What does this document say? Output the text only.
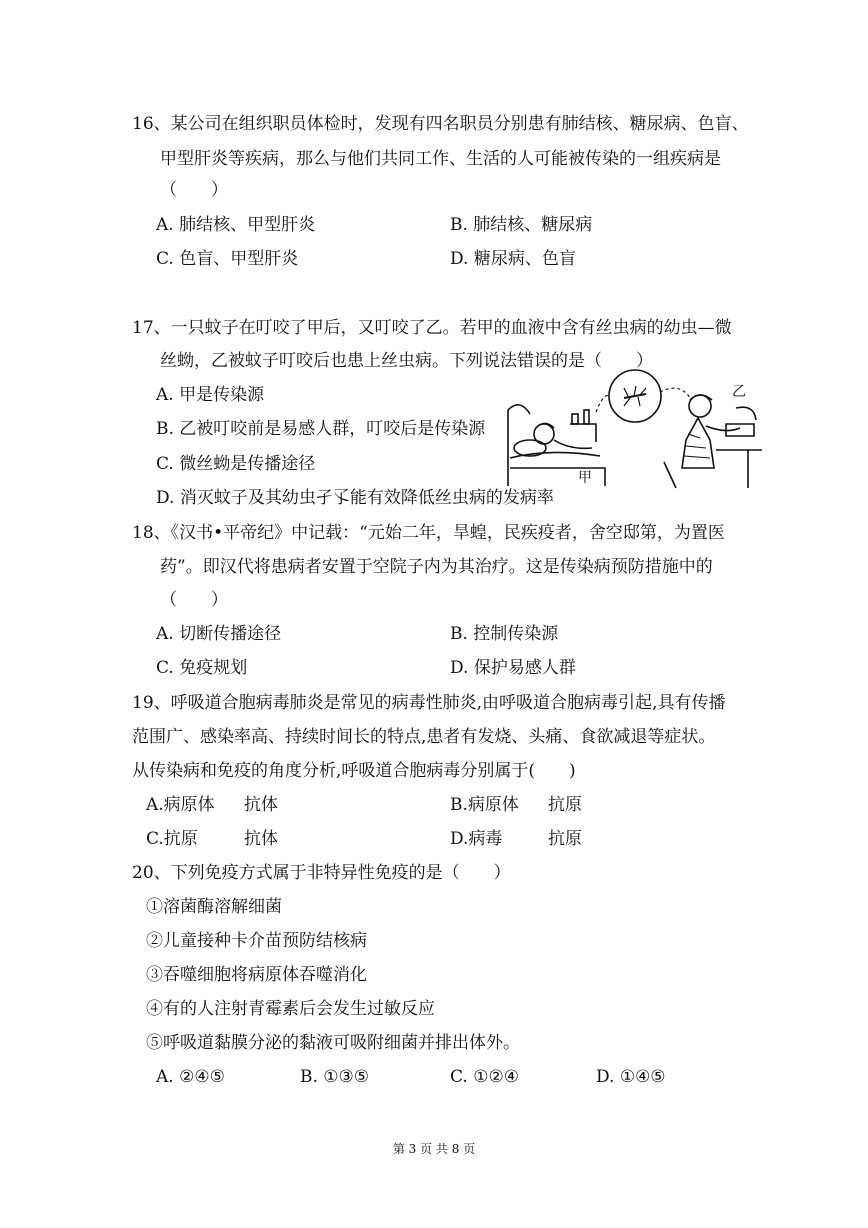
16、某公司在组织职员体检时，发现有四名职员分别患有肺结核、糖尿病、色盲、
甲型肝炎等疾病，那么与他们共同工作、生活的人可能被传染的一组疾病是
（　　）
A. 肺结核、甲型肝炎	B. 肺结核、糖尿病
C. 色盲、甲型肝炎	D. 糖尿病、色盲
17、一只蚊子在叮咬了甲后，又叮咬了乙。若甲的血液中含有丝虫病的幼虫—微
丝蚴，乙被蚊子叮咬后也患上丝虫病。下列说法错误的是（　　）
A. 甲是传染源
B. 乙被叮咬前是易感人群，叮咬后是传染源
C. 微丝蚴是传播途径
D. 消灭蚊子及其幼虫孑孓能有效降低丝虫病的发病率
甲
乙
18、《汉书•平帝纪》中记载：“元始二年，旱蝗，民疾疫者，舍空邸第，为置医
药”。即汉代将患病者安置于空院子内为其治疗。这是传染病预防措施中的
（　　）
A. 切断传播途径	B. 控制传染源
C. 免疫规划	D. 保护易感人群
19、呼吸道合胞病毒肺炎是常见的病毒性肺炎,由呼吸道合胞病毒引起,具有传播
范围广、感染率高、持续时间长的特点,患者有发烧、头痛、食欲减退等症状。
从传染病和免疫的角度分析,呼吸道合胞病毒分别属于(　　)
A.病原体 抗体	B.病原体 抗原
C.抗原	抗体	D.病毒	抗原
20、下列免疫方式属于非特异性免疫的是（　　）
①溶菌酶溶解细菌
②儿童接种卡介苗预防结核病
③吞噬细胞将病原体吞噬消化
④有的人注射青霉素后会发生过敏反应
⑤呼吸道黏膜分泌的黏液可吸附细菌并排出体外。
A. ②④⑤	B. ①③⑤	C. ①②④	D. ①④⑤
第 3 页 共 8 页
